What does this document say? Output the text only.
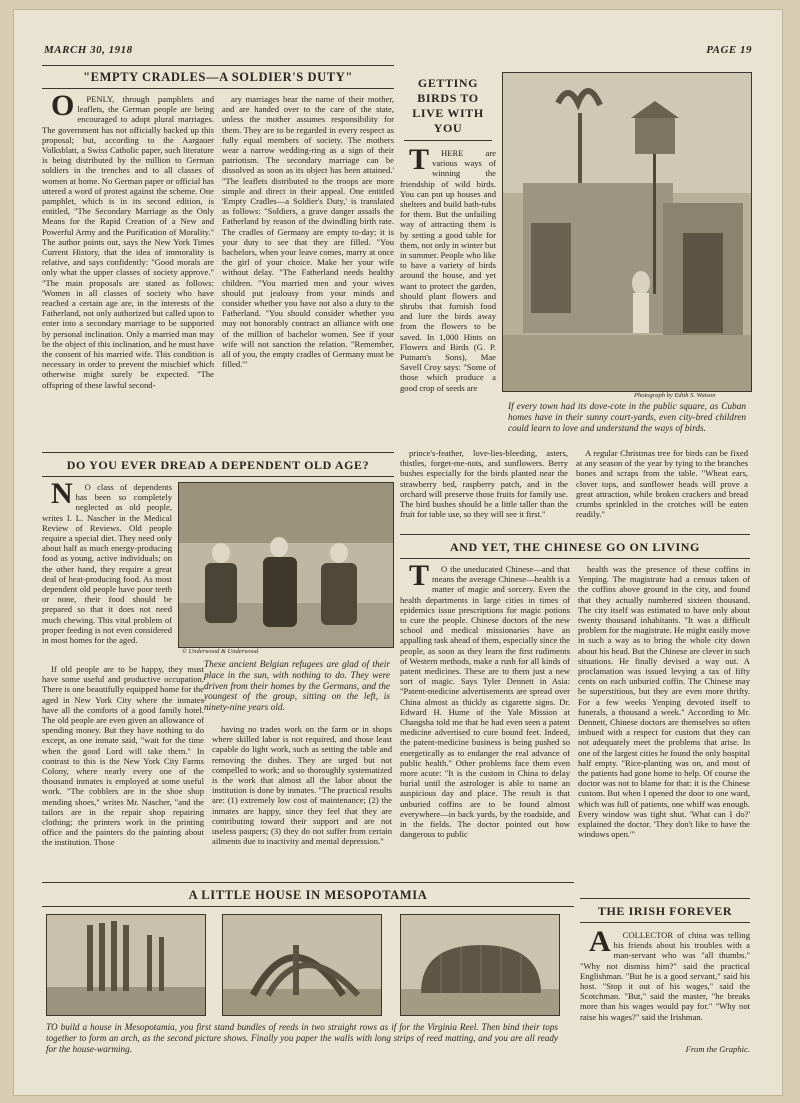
MARCH 30, 1918	PAGE 19
"EMPTY CRADLES—A SOLDIER'S DUTY"

OPENLY, through pamphlets and leaflets, the German people are being encouraged to adopt plural marriages. The government has not officially backed up this proposal; but, according to the Aargauer Volksblatt, a Swiss Catholic paper, such literature is being distributed by the million to German soldiers in the trenches and to all classes of women at home. No German paper or official has uttered a word of protest against the scheme. One pamphlet, which is in its second edition, is entitled, "The Secondary Marriage as the Only Means for the Rapid Creation of a New and Powerful Army and the Purification of Morality." The author points out, says the New York Times Current History, that the idea of immorality is relative, and says confidently: "Good morals are only what the upper classes of society approve." "The main proposals are stated as follows: 'Women in all classes of society who have reached a certain age are, in the interests of the Fatherland, not only authorized but called upon to enter into a secondary marriage to be supported by personal inclination. Only a married man may be the object of this inclination, and he must have the consent of his married wife. This condition is necessary in order to prevent the mischief which otherwise might surely be expected. "The offspring of these lawful second-

ary marriages bear the name of their mother, and are handed over to the care of the state, unless the mother assumes responsibility for them. They are to be regarded in every respect as fully equal members of society. The mothers wear a narrow wedding-ring as a sign of their patriotism. The secondary marriage can be dissolved as soon as its object has been attained.' "The leaflets distributed to the troops are more simple and direct in their appeal. One entitled 'Empty Cradles—a Soldier's Duty,' is translated as follows: "Soldiers, a grave danger assails the Fatherland by reason of the dwindling birth rate. The cradles of Germany are empty to-day; it is your duty to see that they are filled. "You bachelors, when your leave comes, marry at once the girl of your choice. Make her your wife without delay. "The Fatherland needs healthy children. "You married men and your wives should put jealousy from your minds and consider whether you have not also a duty to the Fatherland. "You should consider whether you may not honorably contract an alliance with one of the million of bachelor women. See if your wife will not sanction the relation. "Remember, all of you, the empty cradles of Germany must be filled.'"

GETTING BIRDS TO LIVE WITH YOU

THERE are various ways of winning the friendship of wild birds. You can put up houses and shelters and build bath-tubs for them. But the unfailing way of attracting them is by setting a good table for them, not only in winter but in summer. People who like to have a variety of birds around the house, and yet want to protect the garden, should plant flowers and shrubs that furnish food and lure the birds away from the flowers to be saved. In 1,000 Hints on Flowers and Birds (G. P. Putnam's Sons), Mae Savell Croy says: "Some of those which produce a good crop of seeds are

Photograph by Edith S. Watson
If every town had its dove-cote in the public square, as Cuban homes have in their sunny court-yards, even city-bred children could learn to love and understand the ways of birds.

prince's-feather, love-lies-bleeding, asters, thistles, forget-me-nots, and sunflowers. Berry bushes especially for the birds planted near the strawberry bed, raspberry patch, and in the orchard will preserve those fruits for family use. The bird bushes should be a little taller than the fruit for table use, so they will see it first."

A regular Christmas tree for birds can be fixed at any season of the year by tying to the branches bones and scraps from the table. "Wheat ears, clover tops, and sunflower heads will prove a great attraction, while broken crackers and bread crumbs sprinkled in the crotches will be eaten readily."

DO YOU EVER DREAD A DEPENDENT OLD AGE?

NO class of dependents has been so completely neglected as old people, writes I. L. Nascher in the Medical Review of Reviews. Old people require a special diet. They need only about half as much energy-producing food as young, active individuals; on the other hand, they require a great deal of heat-producing food. As most dependent old people have poor teeth or none, their food should be prepared so that it does not need much chewing. This vital problem of proper feeding is not even considered in most homes for the aged.

© Underwood & Underwood
These ancient Belgian refugees are glad of their place in the sun, with nothing to do. They were driven from their homes by the Germans, and the youngest of the group, sitting on the left, is ninety-nine years old.

If old people are to be happy, they must have some useful and productive occupation. There is one beautifully equipped home for the aged in New York City where the inmates have all the comforts of a good family hotel. The old people are even given an allowance of spending money. But they have nothing to do except, as one inmate said, "wait for the time when the good Lord will take them." In contrast to this is the New York City Farms Colony, where nearly every one of the thousand inmates is employed at some useful work. "The cobblers are in the shoe shop mending shoes," writes Mr. Nascher, "and the tailors are in the repair shop repairing clothing; the printers work in the printing office and the painters do the painting about the institution. Those

having no trades work on the farm or in shops where skilled labor is not required, and those least capable do light work, such as setting the table and removing the dishes. They are urged but not compelled to work; and so thoroughly systematized is the work that almost all the labor about the institution is done by inmates. "The practical results are: (1) extremely low cost of maintenance; (2) the inmates are happy, since they feel that they are contributing toward their support and are not useless paupers; (3) they do not suffer from certain ailments due to inactivity and mental depression."

AND YET, THE CHINESE GO ON LIVING

TO the uneducated Chinese—and that means the average Chinese—health is a matter of magic and sorcery. Even the health departments in large cities in times of epidemics issue prescriptions for magic potions to cure the people. Chinese doctors of the new school and medical missionaries have an appalling task ahead of them, especially since the people, as soon as they learn the first rudiments of Western methods, make a rush for all kinds of patent medicines. These are to them just a new sort of magic. Says Tyler Dennett in Asia: "Patent-medicine advertisements are spread over China almost as thickly as cigarette signs. Dr. Edward H. Hume of the Yale Mission at Changsha told me that he had even seen a patent medicine advertised to cure bound feet. Indeed, the patent-medicine business is being pushed so energetically as to endanger the real advance of public health." Other problems face them even more acute: "It is the custom in China to delay burial until the astrologer is able to name an auspicious day and place. The result is that unburied coffins are to be found almost everywhere—in back yards, by the roadside, and in the fields. The doctor pointed out how dangerous to public

health was the presence of these coffins in Yenping. The magistrate had a census taken of the coffins above ground in the city, and found that they actually numbered sixteen thousand. The city itself was estimated to have only about twenty thousand inhabitants. "It was a difficult problem for the magistrate. He might easily move in such a way as to bring the whole city down about his head. But the Chinese are clever in such situations. He finally devised a way out. A proclamation was issued levying a tax of fifty cents on each unburied coffin. The Chinese may be superstitious, but they are even more thrifty. For a few weeks Yenping devoted itself to funerals, a thousand a week." According to Mr. Dennett, Chinese doctors are themselves so often imbued with a respect for custom that they can not adequately meet the problems that arise. In one of the largest cities he found the only hospital half empty. "Rice-planting was on, and most of the patients had gone home to help. Of course the doctor was not to blame for that: it is the Chinese custom. But when I opened the door to one ward, which was full of patients, one whiff was enough. Every window was tight shut. 'What can I do?' explained the doctor. 'They don't like to have the windows open.'"

A LITTLE HOUSE IN MESOPOTAMIA
TO build a house in Mesopotamia, you first stand bundles of reeds in two straight rows as if for the Virginia Reel. Then bind their tops together to form an arch, as the second picture shows. Finally you paper the walls with long strips of reed matting, and you are all ready for the house-warming.
THE IRISH FOREVER

ACOLLECTOR of china was telling his friends about his troubles with a man-servant who was "all thumbs." "Why not dismiss him?" said the practical Englishman. "But he is a good servant," said his host. "Stop it out of his wages," said the Scotchman. "But," said the master, "he breaks more than his wages would pay for." "Why not raise his wages?" said the Irishman.

From the Graphic.
